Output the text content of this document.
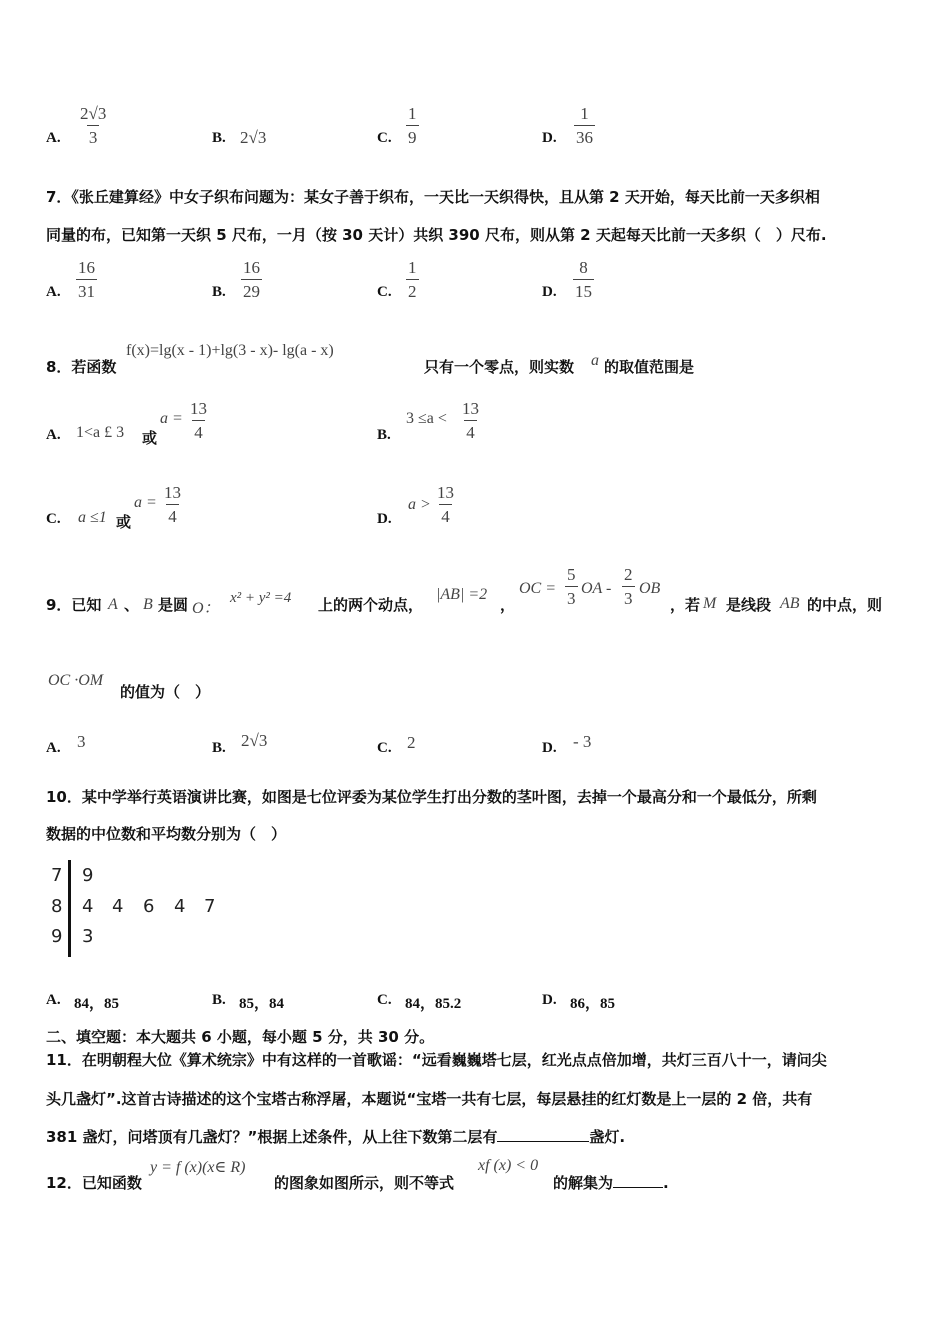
A. $\frac{2√3}{3}$	B. 2√3	C. $\frac{1}{9}$	D. $\frac{1}{36}$
7．《张丘建算经》中女子织布问题为：某女子善于织布，一天比一天织得快，且从第 2 天开始，每天比前一天多织相
同量的布，已知第一天织 5 尺布，一月（按 30 天计）共织 390 尺布，则从第 2 天起每天比前一天多织（　）尺布.
A. $\frac{16}{31}$	B. $\frac{16}{29}$	C. $\frac{1}{2}$	D. $\frac{8}{15}$
8．若函数
f(x)=lg(x - 1)+lg(3 - x)- lg(a - x)
只有一个零点，则实数 a 的取值范围是
A. 1<a £ 3 或
$a = \frac{13}{4}$	B.
$3 \le a < \frac{13}{4}$
C. a ≤1 或
$a = \frac{13}{4}$	D.
$a > \frac{13}{4}$
9．已知 A 、 B 是圆 O：
x² + y² =4 上的两个动点，
|AB| =2
，
OC = $\frac{5}{3}$ OA - $\frac{2}{3}$ OB
，若 M 是线段 AB 的中点，则
OC ·OM
的值为（　）
A. 3	B. 2√3	C. 2	D. - 3
10．某中学举行英语演讲比赛，如图是七位评委为某位学生打出分数的茎叶图，去掉一个最高分和一个最低分，所剩
数据的中位数和平均数分别为（　）
7 9
8 4 4 6 4 7
9 3
A. 84，85	B. 85，84	C. 84，85.2	D. 86，85
二、填空题：本大题共 6 小题，每小题 5 分，共 30 分。
11．在明朝程大位《算术统宗》中有这样的一首歌谣：“远看巍巍塔七层，红光点点倍加增，共灯三百八十一，请问尖
头几盏灯”.这首古诗描述的这个宝塔古称浮屠，本题说“宝塔一共有七层，每层悬挂的红灯数是上一层的 2 倍，共有
381 盏灯，问塔顶有几盏灯？”根据上述条件，从上往下数第二层有	盏灯.
12．已知函数
y = f (x)(x∈ R)
的图象如图所示，则不等式
xf (x) < 0
的解集为	.
